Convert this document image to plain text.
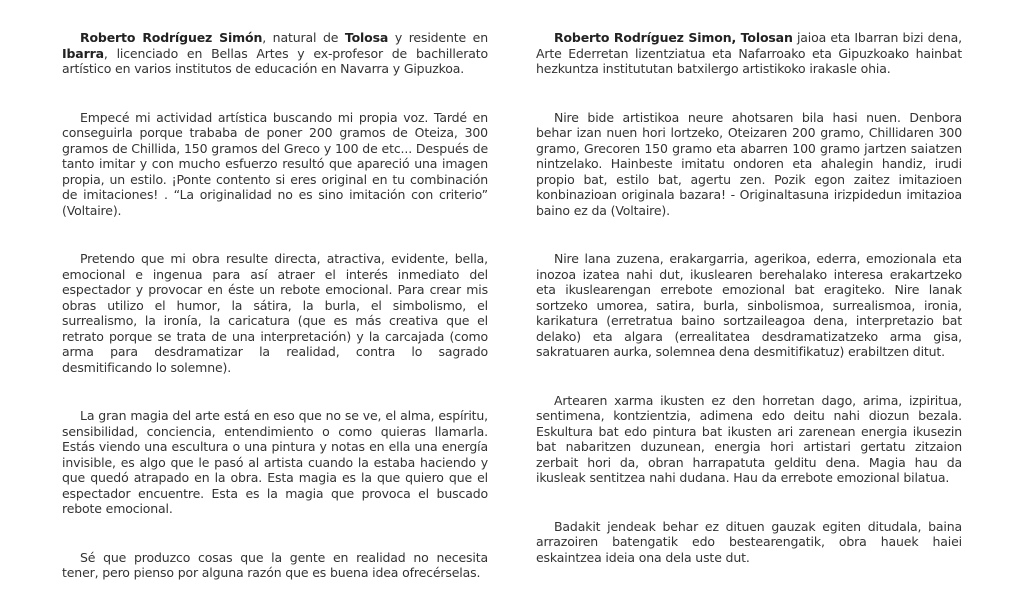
Roberto Rodríguez Simón, natural de Tolosa y residente en Ibarra, licenciado en Bellas Artes y ex-profesor de bachillerato artístico en varios institutos de educación en Navarra y Gipuzkoa.

Empecé mi actividad artística buscando mi propia voz. Tardé en conseguirla porque trababa de poner 200 gramos de Oteiza, 300 gramos de Chillida, 150 gramos del Greco y 100 de etc... Después de tanto imitar y con mucho esfuerzo resultó que apareció una imagen propia, un estilo. ¡Ponte contento si eres original en tu combinación de imitaciones! . “La originalidad no es sino imitación con criterio” (Voltaire).

Pretendo que mi obra resulte directa, atractiva, evidente, bella, emocional e ingenua para así atraer el interés inmediato del espectador y provocar en éste un rebote emocional. Para crear mis obras utilizo el humor, la sátira, la burla, el simbolismo, el surrealismo, la ironía, la caricatura (que es más creativa que el retrato porque se trata de una interpretación) y la carcajada (como arma para desdramatizar la realidad, contra lo sagrado desmitificando lo solemne).

La gran magia del arte está en eso que no se ve, el alma, espíritu, sensibilidad, conciencia, entendimiento o como quieras llamarla. Estás viendo una escultura o una pintura y notas en ella una energía invisible, es algo que le pasó al artista cuando la estaba haciendo y que quedó atrapado en la obra. Esta magia es la que quiero que el espectador encuentre. Esta es la magia que provoca el buscado rebote emocional.

Sé que produzco cosas que la gente en realidad no necesita tener, pero pienso por alguna razón que es buena idea ofrecérselas.

Roberto Rodríguez Simon, Tolosan jaioa eta Ibarran bizi dena, Arte Ederretan lizentziatua eta Nafarroako eta Gipuzkoako hainbat hezkuntza institututan batxilergo artistikoko irakasle ohia.

Nire bide artistikoa neure ahotsaren bila hasi nuen. Denbora behar izan nuen hori lortzeko, Oteizaren 200 gramo, Chillidaren 300 gramo, Grecoren 150 gramo eta abarren 100 gramo jartzen saiatzen nintzelako. Hainbeste imitatu ondoren eta ahalegin handiz, irudi propio bat, estilo bat, agertu zen. Pozik egon zaitez imitazioen konbinazioan originala bazara! - Originaltasuna irizpidedun imitazioa baino ez da (Voltaire).

Nire lana zuzena, erakargarria, agerikoa, ederra, emozionala eta inozoa izatea nahi dut, ikuslearen berehalako interesa erakartzeko eta ikuslearengan errebote emozional bat eragiteko. Nire lanak sortzeko umorea, satira, burla, sinbolismoa, surrealismoa, ironia, karikatura (erretratua baino sortzaileagoa dena, interpretazio bat delako) eta algara (errealitatea desdramatizatzeko arma gisa, sakratuaren aurka, solemnea dena desmitifikatuz) erabiltzen ditut.

Artearen xarma ikusten ez den horretan dago, arima, izpiritua, sentimena, kontzientzia, adimena edo deitu nahi diozun bezala. Eskultura bat edo pintura bat ikusten ari zarenean energia ikusezin bat nabaritzen duzunean, energia hori artistari gertatu zitzaion zerbait hori da, obran harrapatuta gelditu dena. Magia hau da ikusleak sentitzea nahi dudana. Hau da errebote emozional bilatua.

Badakit jendeak behar ez dituen gauzak egiten ditudala, baina arrazoiren batengatik edo bestearengatik, obra hauek haiei eskaintzea ideia ona dela uste dut.
